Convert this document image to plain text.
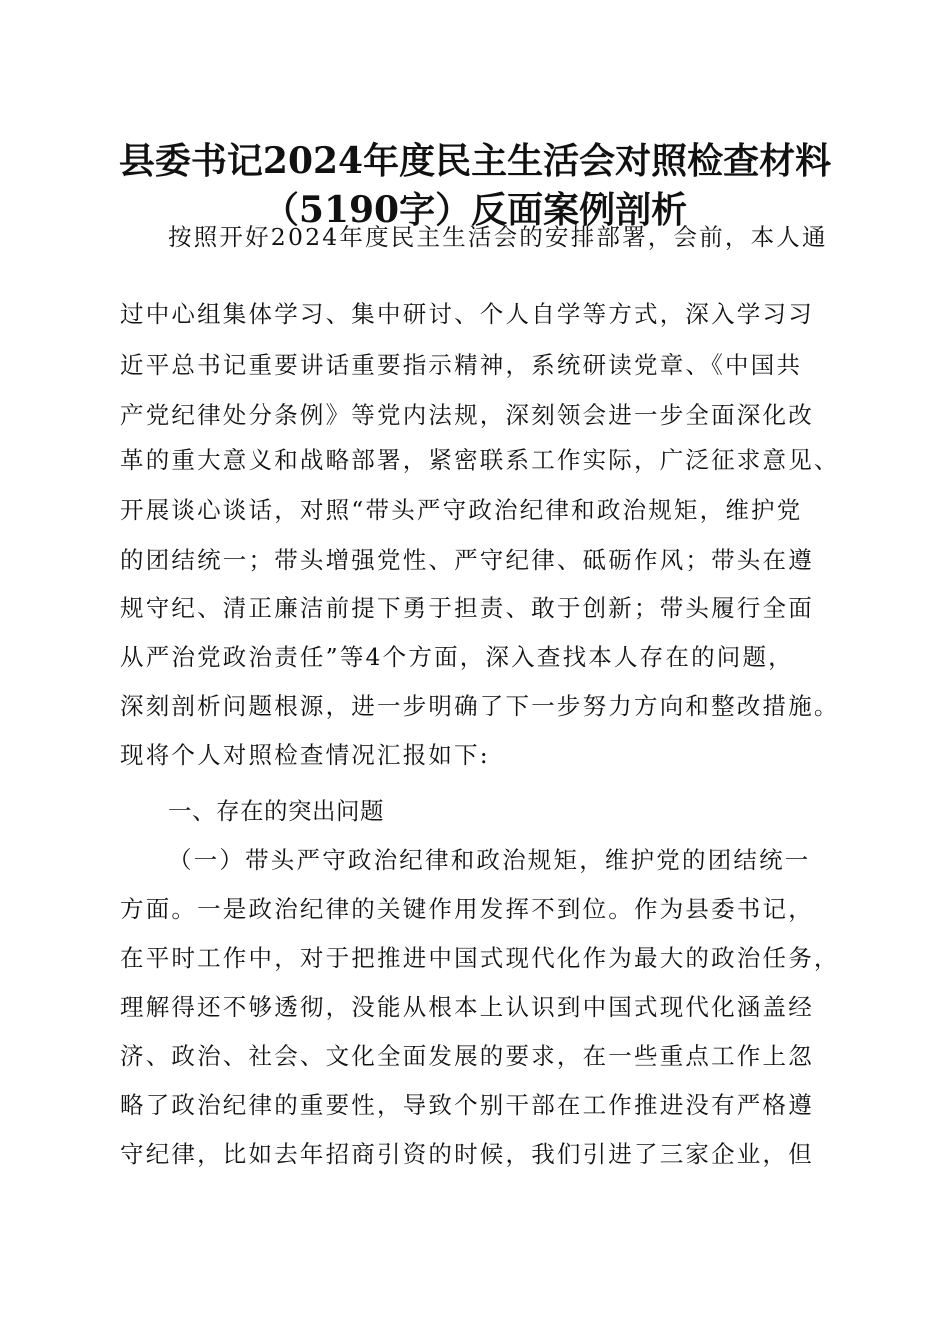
县委书记2024年度民主生活会对照检查材料
（5190字）反面案例剖析
按照开好2024年度民主生活会的安排部署，会前，本人通
过中心组集体学习、集中研讨、个人自学等方式，深入学习习
近平总书记重要讲话重要指示精神，系统研读党章、《中国共
产党纪律处分条例》等党内法规，深刻领会进一步全面深化改
革的重大意义和战略部署，紧密联系工作实际，广泛征求意见、
开展谈心谈话，对照“带头严守政治纪律和政治规矩，维护党
的团结统一；带头增强党性、严守纪律、砥砺作风；带头在遵
规守纪、清正廉洁前提下勇于担责、敢于创新；带头履行全面
从严治党政治责任”等4个方面，深入查找本人存在的问题，
深刻剖析问题根源，进一步明确了下一步努力方向和整改措施。
现将个人对照检查情况汇报如下:
一、存在的突出问题
（一）带头严守政治纪律和政治规矩，维护党的团结统一
方面。一是政治纪律的关键作用发挥不到位。作为县委书记，
在平时工作中，对于把推进中国式现代化作为最大的政治任务，
理解得还不够透彻，没能从根本上认识到中国式现代化涵盖经
济、政治、社会、文化全面发展的要求，在一些重点工作上忽
略了政治纪律的重要性，导致个别干部在工作推进没有严格遵
守纪律，比如去年招商引资的时候，我们引进了三家企业，但
